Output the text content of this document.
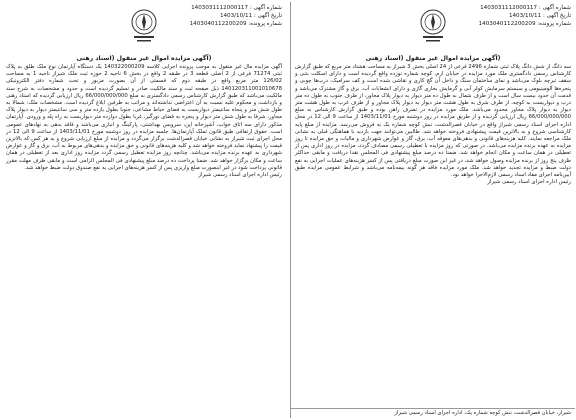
شماره آگهی : 1403031112000117
تاریخ آگهی : 1403/10/11
شماره پرونده: 1403040112200209
(آگهی مزایده اموال غیر منقول (اسناد رهنی
آگهی مزایده مال غیر منقول به موجب پرونده اجرایی کلاسه 140322000209 یک دستگاه آپارتمان نوع ملک طلق به پلاک ثبتی 71274 فرعی از 2 اصلی قطعه 3 در طبقه 2 واقع در بخش 6 ناحیه 2 حوزه ثبت ملک شیراز ناحیه 1 به مساحت 126/02 متر مربع واقع در طبقه دوم که قسمتی از آن بصورت مزبور و تحت شماره دفتر الکترونیکی 140120311001010678 ذیل صفحه ثبت و سند مالکیت صادر و تسلیم گردیده است و حدود و مشخصات به شرح سند مالکیت می‌باشد که طبق گزارش کارشناس رسمی دادگستری به مبلغ 66/000/000/000 ریال ارزیابی گردیده که اسناد رهنی و بازداشت و محکوم علیه نسبت به آن اعتراضی نداشته‌اند و مراتب به طرفین ابلاغ گردیده است. مشخصات ملک: شمالا به طول شش متر و پنجاه سانتیمتر دیواریست به فضای حیاط مشاعی، جنوبا بطول یازده متر و سی سانتیمتر دیوار به دیوار پلاک مجاور، شرقا به طول شش متر دیوار و پنجره به فضای نورگیر، غربا بطول دوازده متر دیواریست به راه پله و ورودی. آپارتمان مذکور دارای سه اتاق خواب، آشپزخانه اپن، سرویس بهداشتی، پارکینگ و انباری می‌باشد و فاقد بدهی به نهادهای عمومی است. حقوق ارتفاقی طبق قانون تملک آپارتمان‌ها. جلسه مزایده در روز دوشنبه مورخ 1403/11/01 از ساعت 9 الی 12 در محل اجرای ثبت شیراز به نشانی خیابان قصرالدشت برگزار می‌گردد و مزایده از مبلغ ارزیابی شروع و به هر کس که بالاترین قیمت را پیشنهاد نماید فروخته خواهد شد و کلیه هزینه‌های قانونی و حق مزایده و بدهی‌های مربوط به آب، برق و گاز و عوارض شهرداری به عهده برنده مزایده می‌باشد. چنانچه روز مزایده تعطیل رسمی گردد مزایده روز اداری بعد از تعطیلی در همان ساعت و مکان برگزار خواهد شد. ضمنا پرداخت ده درصد مبلغ پیشنهادی فی المجلس الزامی است و مابقی ظرف مهلت مقرر قانونی پرداخت شود در غیر اینصورت مبلغ واریزی پس از کسر هزینه‌های اجرایی به نفع صندوق دولت ضبط خواهد شد.
رئیس اداره اجرای اسناد رسمی شیراز
شماره آگهی : 1403031112000117
تاریخ آگهی : 1403/10/11
شماره پرونده: 1403040112200209
(آگهی مزایده اموال غیر منقول (اسناد رهنی
سه دانگ از شش دانگ پلاک ثبتی شماره 2496 فرعی از 24 اصلی بخش 3 شیراز به مساحت هشتاد متر مربع که طبق گزارش کارشناس رسمی دادگستری ملک مورد مزایده در خیابان ارم، کوچه شماره نوزده واقع گردیده است و دارای اسکلت بتنی و سقف تیرچه بلوک می‌باشد و نمای ساختمان سنگ و داخل آن گچ کاری و نقاشی شده است و کف سرامیک، درب‌ها چوبی و پنجره‌ها آلومینیومی و سیستم سرمایش کولر آبی و گرمایش بخاری گازی و دارای انشعابات آب، برق و گاز مشترک می‌باشد و قدمت آن حدود بیست سال است و از طرف شمال به طول ده متر دیوار به دیوار پلاک مجاور، از طرف جنوب به طول ده متر درب و دیواریست به کوچه، از طرف شرق به طول هشت متر دیوار به دیوار پلاک مجاور و از طرف غرب به طول هشت متر دیوار به دیوار پلاک مجاور محدود می‌باشد. ملک مورد مزایده در تصرف راهن بوده و طبق گزارش کارشناس به مبلغ 66/000/000/000 ریال ارزیابی گردیده و از طریق مزایده در روز دوشنبه مورخ 1403/11/01 از ساعت 9 الی 12 در محل اداره اجرای اسناد رسمی شیراز واقع در خیابان قصرالدشت، نبش کوچه شماره یک به فروش می‌رسد. مزایده از مبلغ پایه کارشناسی شروع و به بالاترین قیمت پیشنهادی فروخته خواهد شد. طالبین می‌توانند جهت بازدید با هماهنگی قبلی به نشانی ملک مراجعه نمایند. کلیه هزینه‌های قانونی و بدهی‌های معوقه آب، برق، گاز و عوارض شهرداری و مالیات و حق مزایده تا روز مزایده به عهده برنده مزایده می‌باشد. در صورتی که روز مزایده با تعطیلی رسمی مصادف گردد، مزایده در روز اداری پس از تعطیلی در همان ساعت و مکان انجام خواهد شد. ضمنا ده درصد مبلغ پیشنهادی فی المجلس نقدا دریافت و مابقی حداکثر ظرف پنج روز از برنده مزایده وصول خواهد شد، در غیر این صورت مبلغ دریافتی پس از کسر هزینه‌های عملیات اجرایی به نفع دولت ضبط و مزایده تجدید خواهد شد. ملک مورد مزایده فاقد هر گونه بیمه‌نامه می‌باشد و شرایط عمومی مزایده طبق آیین‌نامه اجرای مفاد اسناد رسمی لازم‌الاجرا خواهد بود.
رئیس اداره اجرای اسناد رسمی شیراز
شیراز، خیابان قصرالدشت، نبش کوچه شماره یک، اداره اجرای اسناد رسمی شیراز
